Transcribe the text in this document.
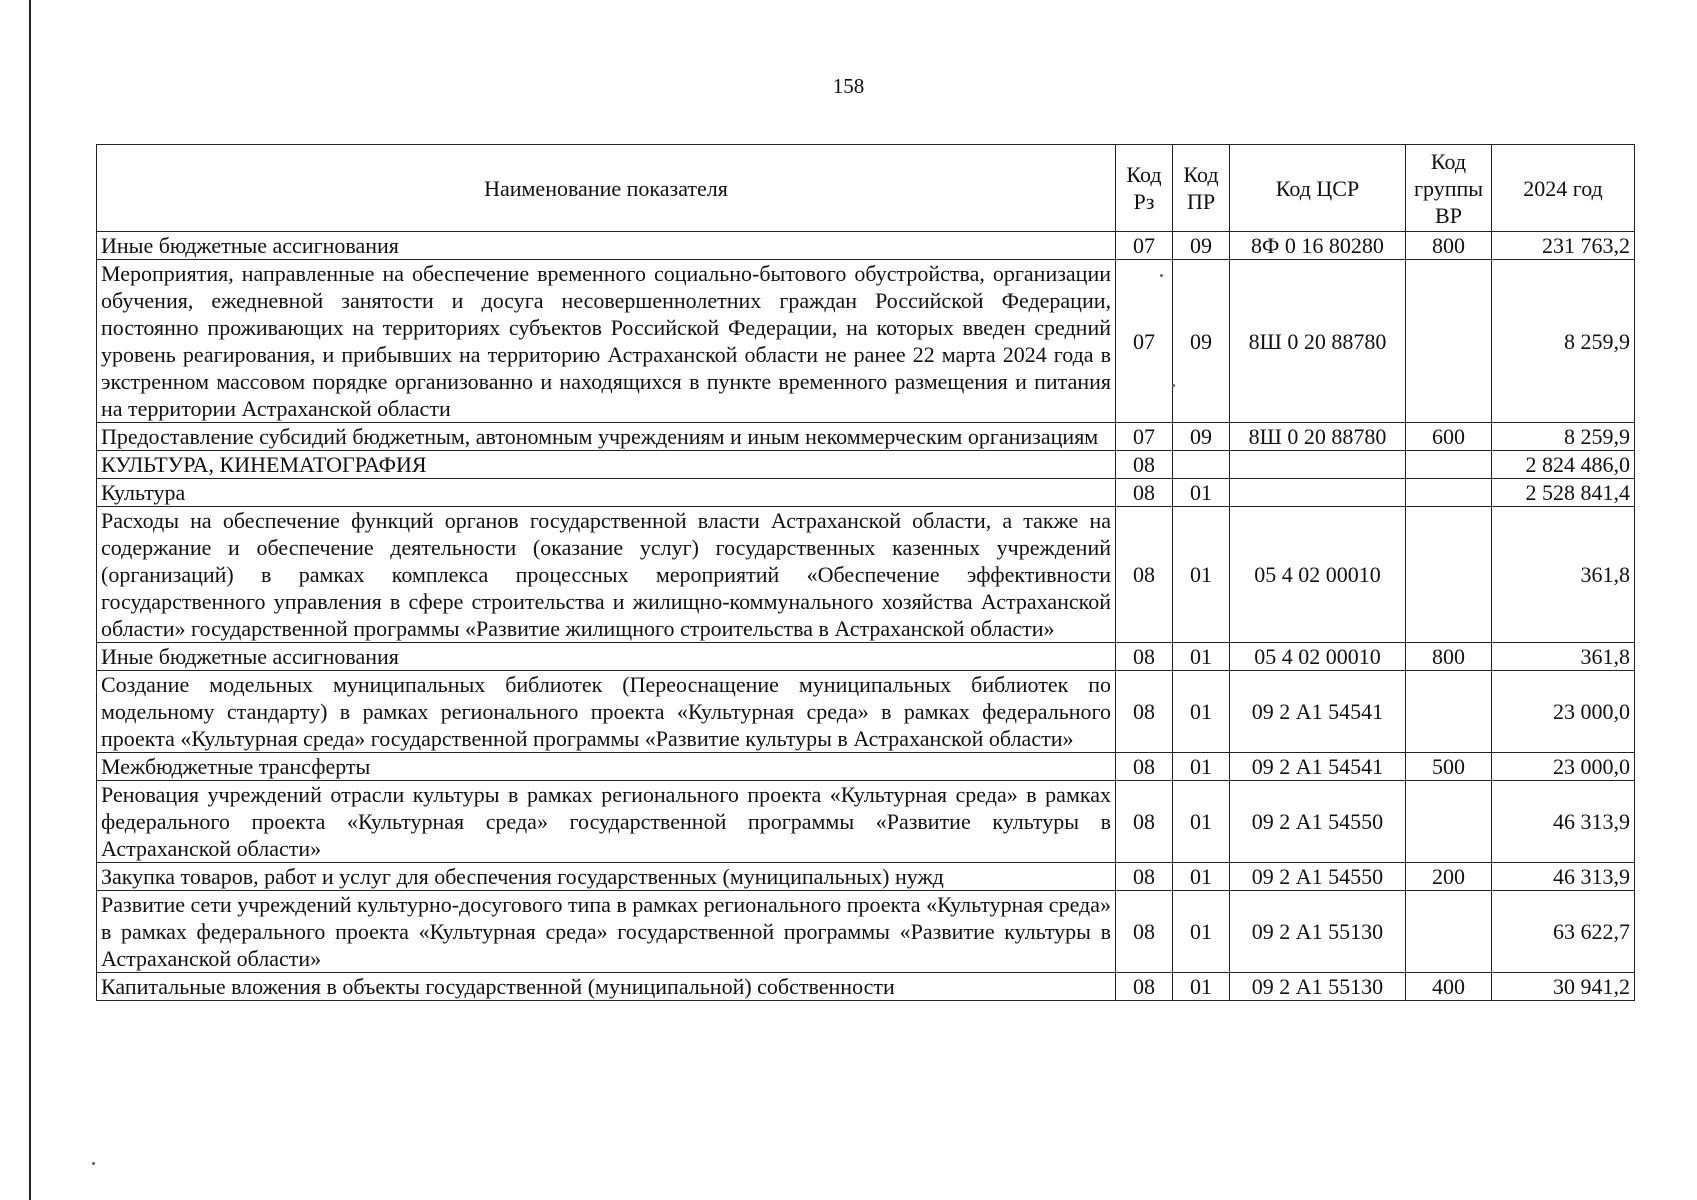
158
Наименование показателя	Код Рз	Код ПР	Код ЦСР	Код группы ВР	2024 год
Иные бюджетные ассигнования	07	09	8Ф 0 16 80280	800	231 763,2
Мероприятия, направленные на обеспечение временного социально-бытового обустройства, организации обучения, ежедневной занятости и досуга несовершеннолетних граждан Российской Федерации, постоянно проживающих на территориях субъектов Российской Федерации, на которых введен средний уровень реагирования, и прибывших на территорию Астраханской области не ранее 22 марта 2024 года в экстренном массовом порядке организованно и находящихся в пункте временного размещения и питания на территории Астраханской области	07	09	8Ш 0 20 88780		8 259,9
Предоставление субсидий бюджетным, автономным учреждениям и иным некоммерческим организациям	07	09	8Ш 0 20 88780	600	8 259,9
КУЛЬТУРА, КИНЕМАТОГРАФИЯ	08				2 824 486,0
Культура	08	01			2 528 841,4
Расходы на обеспечение функций органов государственной власти Астраханской области, а также на содержание и обеспечение деятельности (оказание услуг) государственных казенных учреждений (организаций) в рамках комплекса процессных мероприятий «Обеспечение эффективности государственного управления в сфере строительства и жилищно-коммунального хозяйства Астраханской области» государственной программы «Развитие жилищного строительства в Астраханской области»	08	01	05 4 02 00010		361,8
Иные бюджетные ассигнования	08	01	05 4 02 00010	800	361,8
Создание модельных муниципальных библиотек (Переоснащение муниципальных библиотек по модельному стандарту) в рамках регионального проекта «Культурная среда» в рамках федерального проекта «Культурная среда» государственной программы «Развитие культуры в Астраханской области»	08	01	09 2 А1 54541		23 000,0
Межбюджетные трансферты	08	01	09 2 А1 54541	500	23 000,0
Реновация учреждений отрасли культуры в рамках регионального проекта «Культурная среда» в рамках федерального проекта «Культурная среда» государственной программы «Развитие культуры в Астраханской области»	08	01	09 2 А1 54550		46 313,9
Закупка товаров, работ и услуг для обеспечения государственных (муниципальных) нужд	08	01	09 2 А1 54550	200	46 313,9
Развитие сети учреждений культурно-досугового типа в рамках регионального проекта «Культурная среда» в рамках федерального проекта «Культурная среда» государственной программы «Развитие культуры в Астраханской области»	08	01	09 2 А1 55130		63 622,7
Капитальные вложения в объекты государственной (муниципальной) собственности	08	01	09 2 А1 55130	400	30 941,2
